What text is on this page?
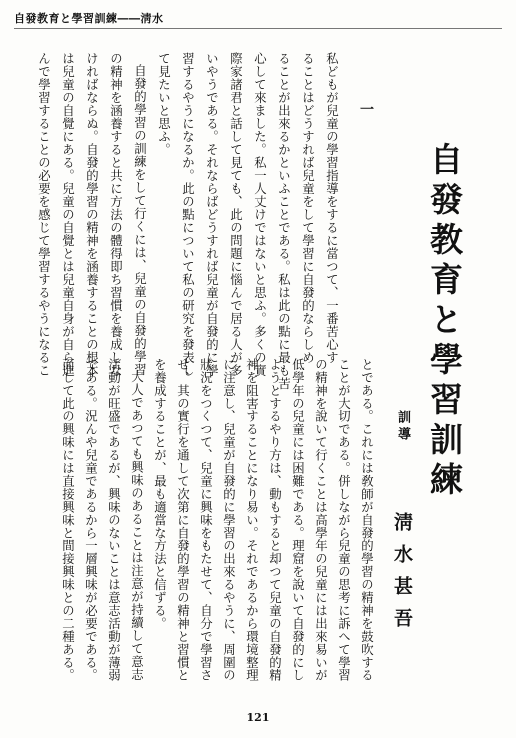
自發教育と學習訓練――淸水
私どもが兒童の學習指導をするに當つて、一番苦心す
ることはどうすれば兒童をして學習に自發的ならしめ
ることが出來るかといふことである。私は此の點に最も苦
心して來ました。私一人丈けではないと思ふ。多くの實
際家諸君と話して見ても、此の問題に惱んで居る人が多
いやうである。それならばどうすれば兒童が自發的に學
習するやうになるか。此の點について私の研究を發表し
て見たいと思ふ。
自發的學習の訓練をして行くには、兒童の自發的學習
の精神を涵養すると共に方法の體得即ち習慣を養成しな
ければならぬ。自發的學習の精神を涵養することの根本
は兒童の自覺にある。兒童の自覺とは兒童自身が自ら進
んで學習することの必要を感じて學習するやうになるこ	一
自發教育と學習訓練
訓導
淸水甚吾
とである。これには敎師が自發的學習の精神を鼓吹する
ことが大切である。併しながら兒童の思考に訴へて學習
の精神を說いて行くことは高學年の兒童には出來易いが
低學年の兒童には困難である。理窟を說いて自發的にし
ようとするやり方は、動もすると却つて兒童の自發的精
神を阻害することになり易い。それであるから環境整理
に注意し、兒童が自發的に學習の出來るやうに、周圍の
狀況をつくつて、兒童に興味をもたせて、自分で學習さ
せ、其の實行を通して次第に自發的學習の精神と習慣と
を養成することが、最も適當な方法と信ずる。
大人であつても興味のあることは注意が持續して意志
活動が旺盛であるが、興味のないことは意志活動が薄弱
である。況んや兒童であるから一層興味が必要である。
而して此の興味には直接興味と間接興味との二種ある。
121
